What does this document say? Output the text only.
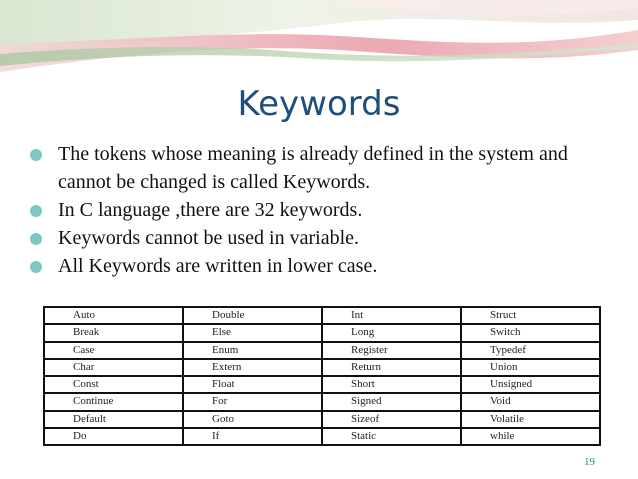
Keywords
The tokens whose meaning is already defined in the system and cannot be changed is called Keywords.
In C language ,there are 32 keywords.
Keywords cannot be used in variable.
All Keywords are written in lower case.
Auto	Double	Int	Struct
Break	Else	Long	Switch
Case	Enum	Register	Typedef
Char	Extern	Return	Union
Const	Float	Short	Unsigned
Continue	For	Signed	Void
Default	Goto	Sizeof	Volatile
Do	If	Static	while
19
